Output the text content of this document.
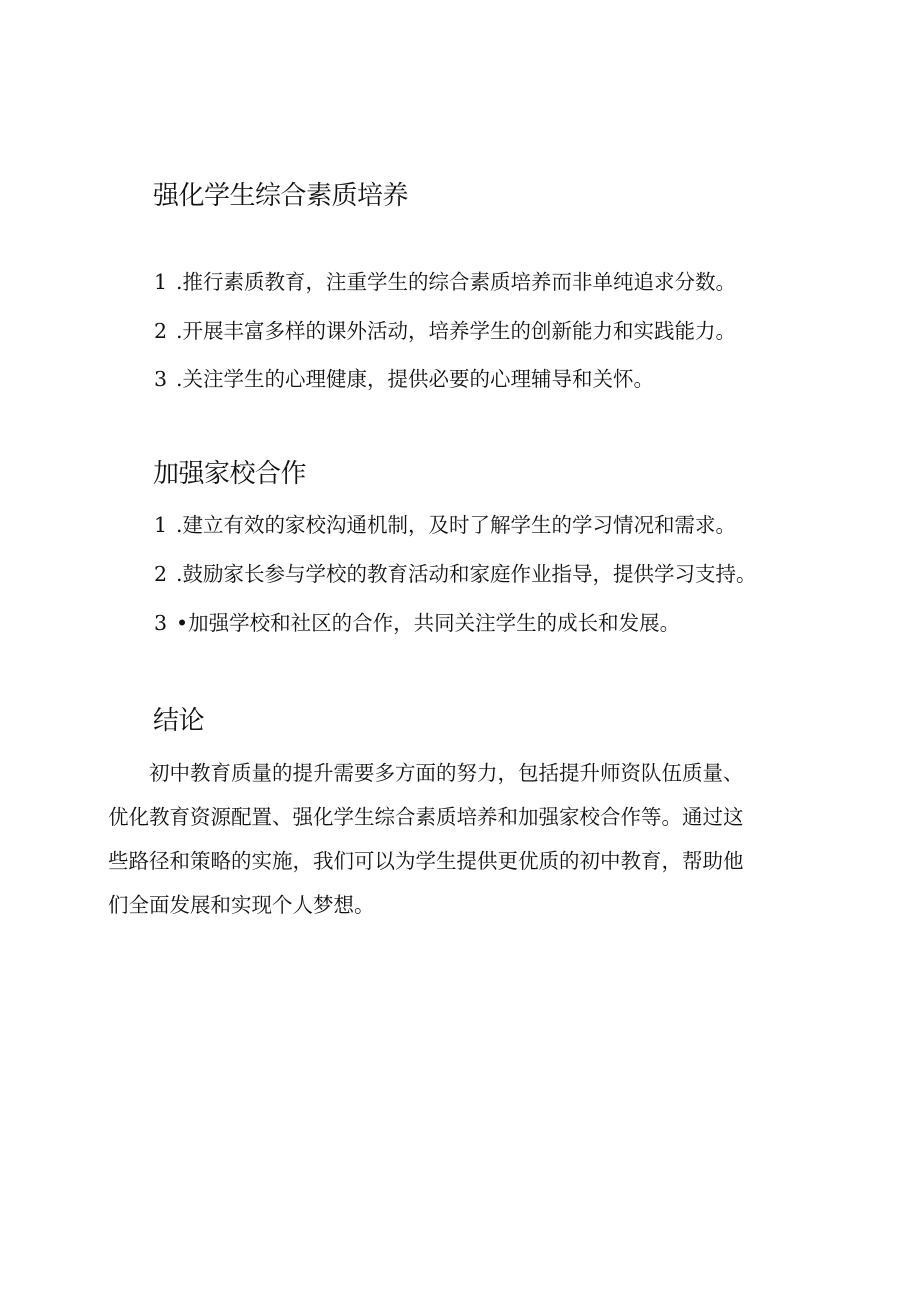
强化学生综合素质培养

1.推行素质教育，注重学生的综合素质培养而非单纯追求分数。

2.开展丰富多样的课外活动，培养学生的创新能力和实践能力。

3.关注学生的心理健康，提供必要的心理辅导和关怀。

加强家校合作

1.建立有效的家校沟通机制，及时了解学生的学习情况和需求。

2.鼓励家长参与学校的教育活动和家庭作业指导，提供学习支持。

3•加强学校和社区的合作，共同关注学生的成长和发展。

结论

　　初中教育质量的提升需要多方面的努力，包括提升师资队伍质量、
优化教育资源配置、强化学生综合素质培养和加强家校合作等。通过这
些路径和策略的实施，我们可以为学生提供更优质的初中教育，帮助他
们全面发展和实现个人梦想。
